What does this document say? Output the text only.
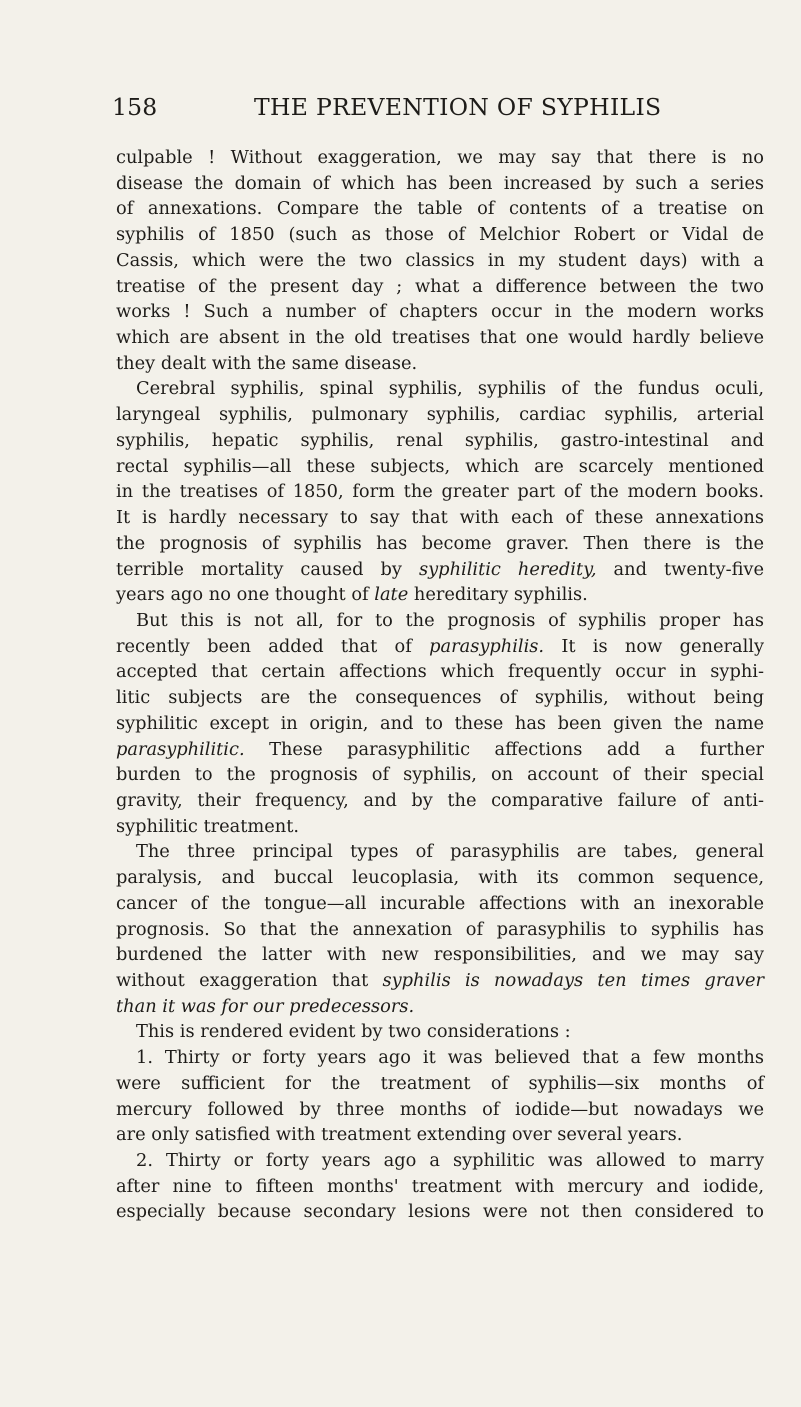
158	THE PREVENTION OF SYPHILIS
culpable ! Without exaggeration, we may say that there is no
disease the domain of which has been increased by such a series
of annexations. Compare the table of contents of a treatise on
syphilis of 1850 (such as those of Melchior Robert or Vidal de
Cassis, which were the two classics in my student days) with a
treatise of the present day ; what a difference between the two
works ! Such a number of chapters occur in the modern works
which are absent in the old treatises that one would hardly believe
they dealt with the same disease.
Cerebral syphilis, spinal syphilis, syphilis of the fundus oculi,
laryngeal syphilis, pulmonary syphilis, cardiac syphilis, arterial
syphilis, hepatic syphilis, renal syphilis, gastro-intestinal and
rectal syphilis—all these subjects, which are scarcely mentioned
in the treatises of 1850, form the greater part of the modern books.
It is hardly necessary to say that with each of these annexations
the prognosis of syphilis has become graver. Then there is the
terrible mortality caused by syphilitic heredity, and twenty-five
years ago no one thought of late hereditary syphilis.
But this is not all, for to the prognosis of syphilis proper has
recently been added that of parasyphilis. It is now generally
accepted that certain affections which frequently occur in syphi-
litic subjects are the consequences of syphilis, without being
syphilitic except in origin, and to these has been given the name
parasyphilitic. These parasyphilitic affections add a further
burden to the prognosis of syphilis, on account of their special
gravity, their frequency, and by the comparative failure of anti-
syphilitic treatment.
The three principal types of parasyphilis are tabes, general
paralysis, and buccal leucoplasia, with its common sequence,
cancer of the tongue—all incurable affections with an inexorable
prognosis. So that the annexation of parasyphilis to syphilis has
burdened the latter with new responsibilities, and we may say
without exaggeration that syphilis is nowadays ten times graver
than it was for our predecessors.
This is rendered evident by two considerations :
1. Thirty or forty years ago it was believed that a few months
were sufficient for the treatment of syphilis—six months of
mercury followed by three months of iodide—but nowadays we
are only satisfied with treatment extending over several years.
2. Thirty or forty years ago a syphilitic was allowed to marry
after nine to fifteen months' treatment with mercury and iodide,
especially because secondary lesions were not then considered to
